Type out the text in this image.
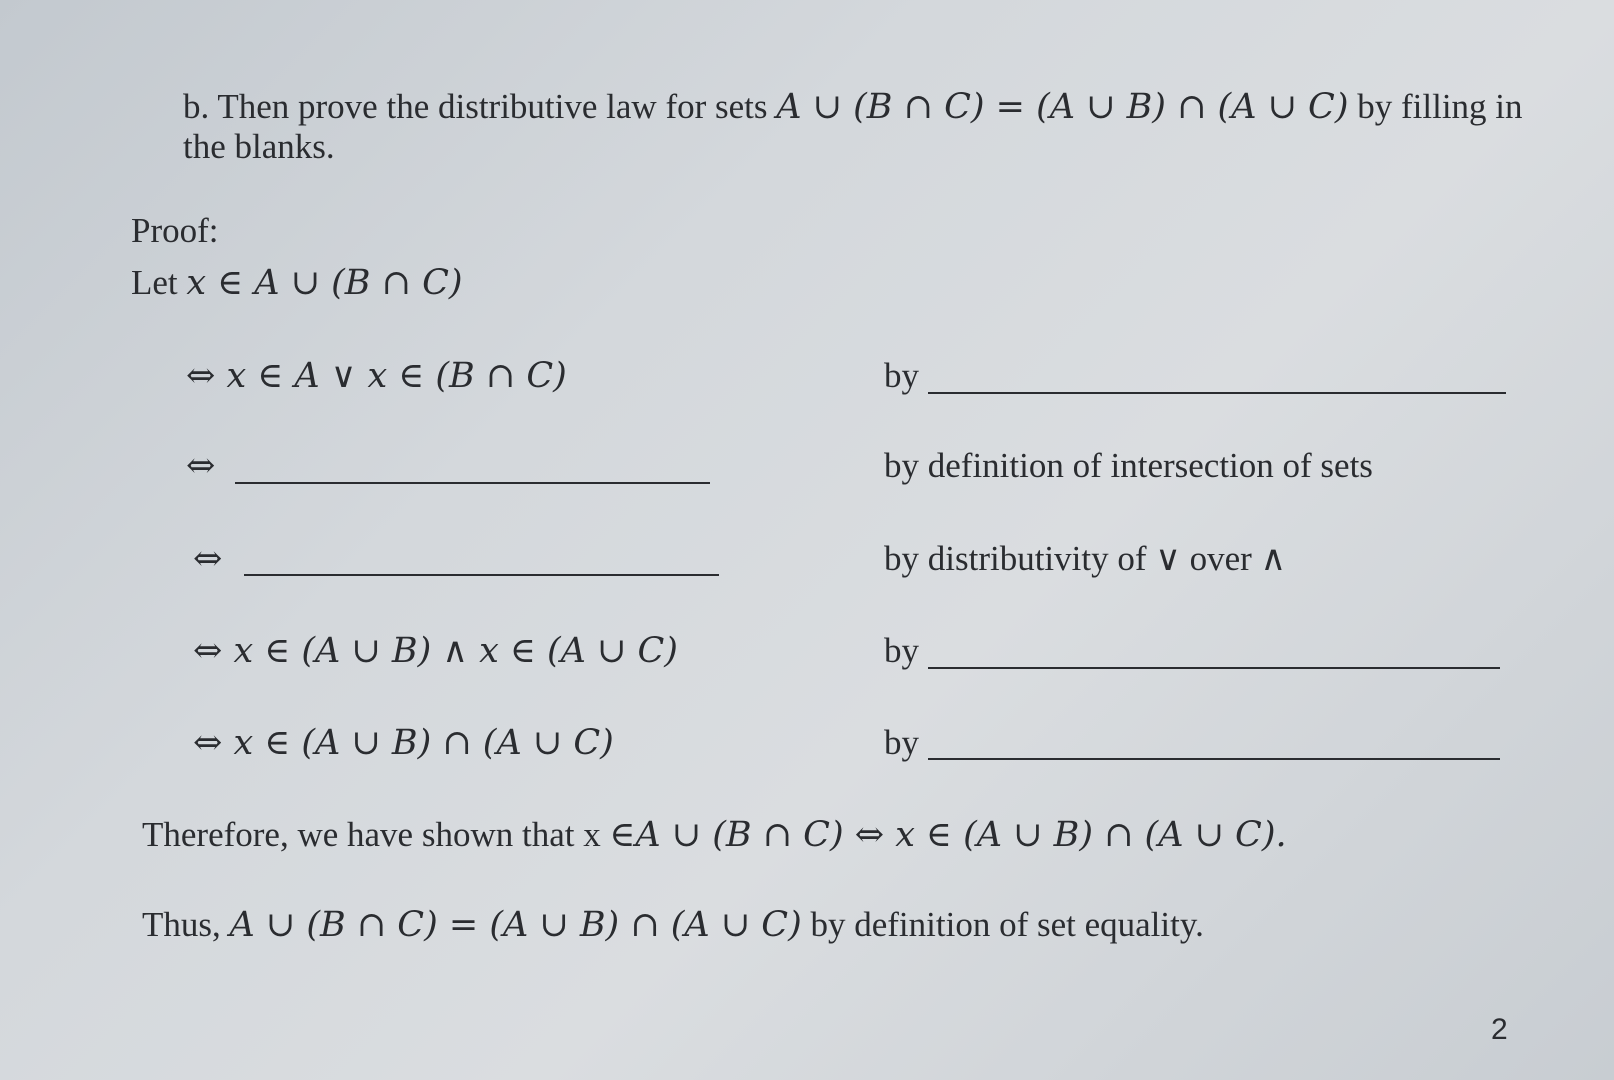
b. Then prove the distributive law for sets A ∪ (B ∩ C) = (A ∪ B) ∩ (A ∪ C) by filling in
the blanks.
Proof:
Let x ∈ A ∪ (B ∩ C)
⇔ x ∈ A ∨ x ∈ (B ∩ C)	by
⇔	by definition of intersection of sets
⇔	by distributivity of ∨ over ∧
⇔ x ∈ (A ∪ B) ∧ x ∈ (A ∪ C)	by
⇔ x ∈ (A ∪ B) ∩ (A ∪ C)	by
Therefore, we have shown that x ∈A ∪ (B ∩ C) ⇔ x ∈ (A ∪ B) ∩ (A ∪ C).
Thus, A ∪ (B ∩ C) = (A ∪ B) ∩ (A ∪ C) by definition of set equality.
2
